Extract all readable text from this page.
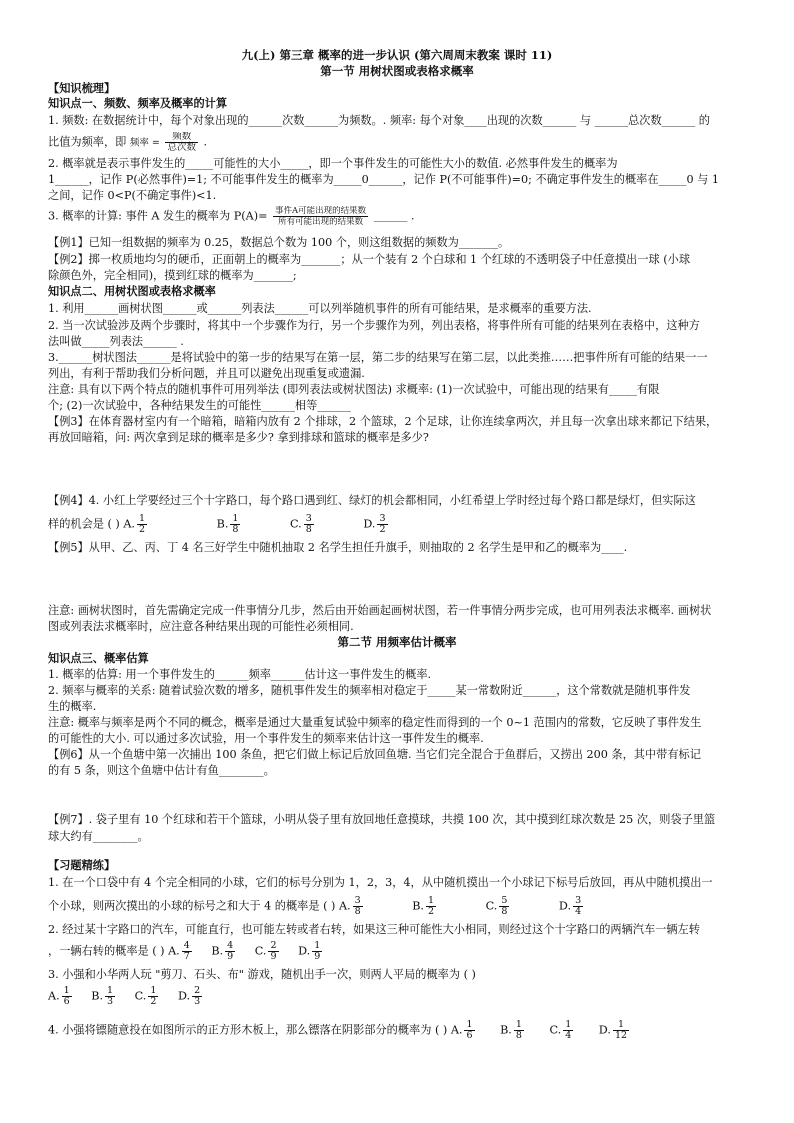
九(上) 第三章 概率的进一步认识 (第六周周末教案 课时 11)
第一节 用树状图或表格求概率
【知识梳理】
知识点一、频数、频率及概率的计算
1. 频数: 在数据统计中，每个对象出现的______次数______为频数。. 频率: 每个对象____出现的次数______ 与 ______总次数______ 的
比值为频率，即 频率 = $\frac{\text{频数}}{\text{总次数}}$ .
2. 概率就是表示事件发生的_____可能性的大小_____，即一个事件发生的可能性大小的数值. 必然事件发生的概率为
1______，记作 P(必然事件)=1; 不可能事件发生的概率为_____0______，记作 P(不可能事件)=0; 不确定事件发生的概率在_____0 与 1
之间，记作 0<P(不确定事件)<1.
3. 概率的计算: 事件 A 发生的概率为 $P(A)= \frac{\text{事件A可能出现的结果数}}{\text{所有可能出现的结果数}}$ ______ .
【例1】已知一组数据的频率为 0.25，数据总个数为 100 个，则这组数据的频数为_______。
【例2】掷一枚质地均匀的硬币，正面朝上的概率为_______；从一个装有 2 个白球和 1 个红球的不透明袋子中任意摸出一球 (小球
除颜色外，完全相同)，摸到红球的概率为_______;
知识点二、用树状图或表格求概率
1. 利用______画树状图______或______列表法______可以列举随机事件的所有可能结果，是求概率的重要方法.
2. 当一次试验涉及两个步骤时，将其中一个步骤作为行，另一个步骤作为列，列出表格，将事件所有可能的结果列在表格中，这种方
法叫做_____列表法______ .
3.______树状图法______是将试验中的第一步的结果写在第一层，第二步的结果写在第二层，以此类推……把事件所有可能的结果一一
列出，有利于帮助我们分析问题，并且可以避免出现重复或遗漏.
注意: 具有以下两个特点的随机事件可用列举法 (即列表法或树状图法) 求概率: (1)一次试验中，可能出现的结果有_____有限
个; (2)一次试验中，各种结果发生的可能性______相等______
【例3】在体育器材室内有一个暗箱，暗箱内放有 2 个排球，2 个篮球，2 个足球，让你连续拿两次，并且每一次拿出球来都记下结果，
再放回暗箱，问: 两次拿到足球的概率是多少? 拿到排球和篮球的概率是多少?
【例4】4. 小红上学要经过三个十字路口，每个路口遇到红、绿灯的机会都相同，小红希望上学时经过每个路口都是绿灯，但实际这
样的机会是 ( ) A. $\frac{1}{2}$	B. $\frac{1}{8}$	C. $\frac{3}{8}$	D. $\frac{3}{2}$
【例5】从甲、乙、丙、丁 4 名三好学生中随机抽取 2 名学生担任升旗手，则抽取的 2 名学生是甲和乙的概率为____.
注意: 画树状图时，首先需确定完成一件事情分几步，然后由开始画起画树状图，若一件事情分两步完成，也可用列表法求概率. 画树状
图或列表法求概率时，应注意各种结果出现的可能性必须相同.
第二节 用频率估计概率
知识点三、概率估算
1. 概率的估算: 用一个事件发生的______频率______估计这一事件发生的概率.
2. 频率与概率的关系: 随着试验次数的增多，随机事件发生的频率相对稳定于_____某一常数附近______，这个常数就是随机事件发
生的概率.
注意: 概率与频率是两个不同的概念，概率是通过大量重复试验中频率的稳定性而得到的一个 0~1 范围内的常数，它反映了事件发生
的可能性的大小. 可以通过多次试验，用一个事件发生的频率来估计这一事件发生的概率.
【例6】从一个鱼塘中第一次捕出 100 条鱼，把它们做上标记后放回鱼塘. 当它们完全混合于鱼群后，又捞出 200 条，其中带有标记
的有 5 条，则这个鱼塘中估计有鱼________。
【例7】. 袋子里有 10 个红球和若干个篮球，小明从袋子里有放回地任意摸球，共摸 100 次，其中摸到红球次数是 25 次，则袋子里篮
球大约有________。
【习题精练】
1. 在一个口袋中有 4 个完全相同的小球，它们的标号分别为 1，2，3，4，从中随机摸出一个小球记下标号后放回，再从中随机摸出一
个小球，则两次摸出的小球的标号之和大于 4 的概率是 ( ) A. $\frac{3}{8}$	B. $\frac{1}{2}$	C. $\frac{5}{8}$	D. $\frac{3}{4}$
2. 经过某十字路口的汽车，可能直行，也可能左转或者右转，如果这三种可能性大小相同，则经过这个十字路口的两辆汽车一辆左转
，一辆右转的概率是 ( ) A. $\frac{4}{7} B$. $\frac{4}{9} C$. $\frac{2}{9} D$. $\frac{1}{9}$
3. 小强和小华两人玩 "剪刀、石头、布" 游戏，随机出手一次，则两人平局的概率为 ( )
A. $\frac{1}{6} B$. $\frac{1}{3} C$. $\frac{1}{2} D$. $\frac{2}{3}$
4. 小强将镖随意投在如图所示的正方形木板上，那么镖落在阴影部分的概率为 ( ) A. $\frac{1}{6} B$. $\frac{1}{8} C$. $\frac{1}{4} D$. $\frac{1}{12}$
